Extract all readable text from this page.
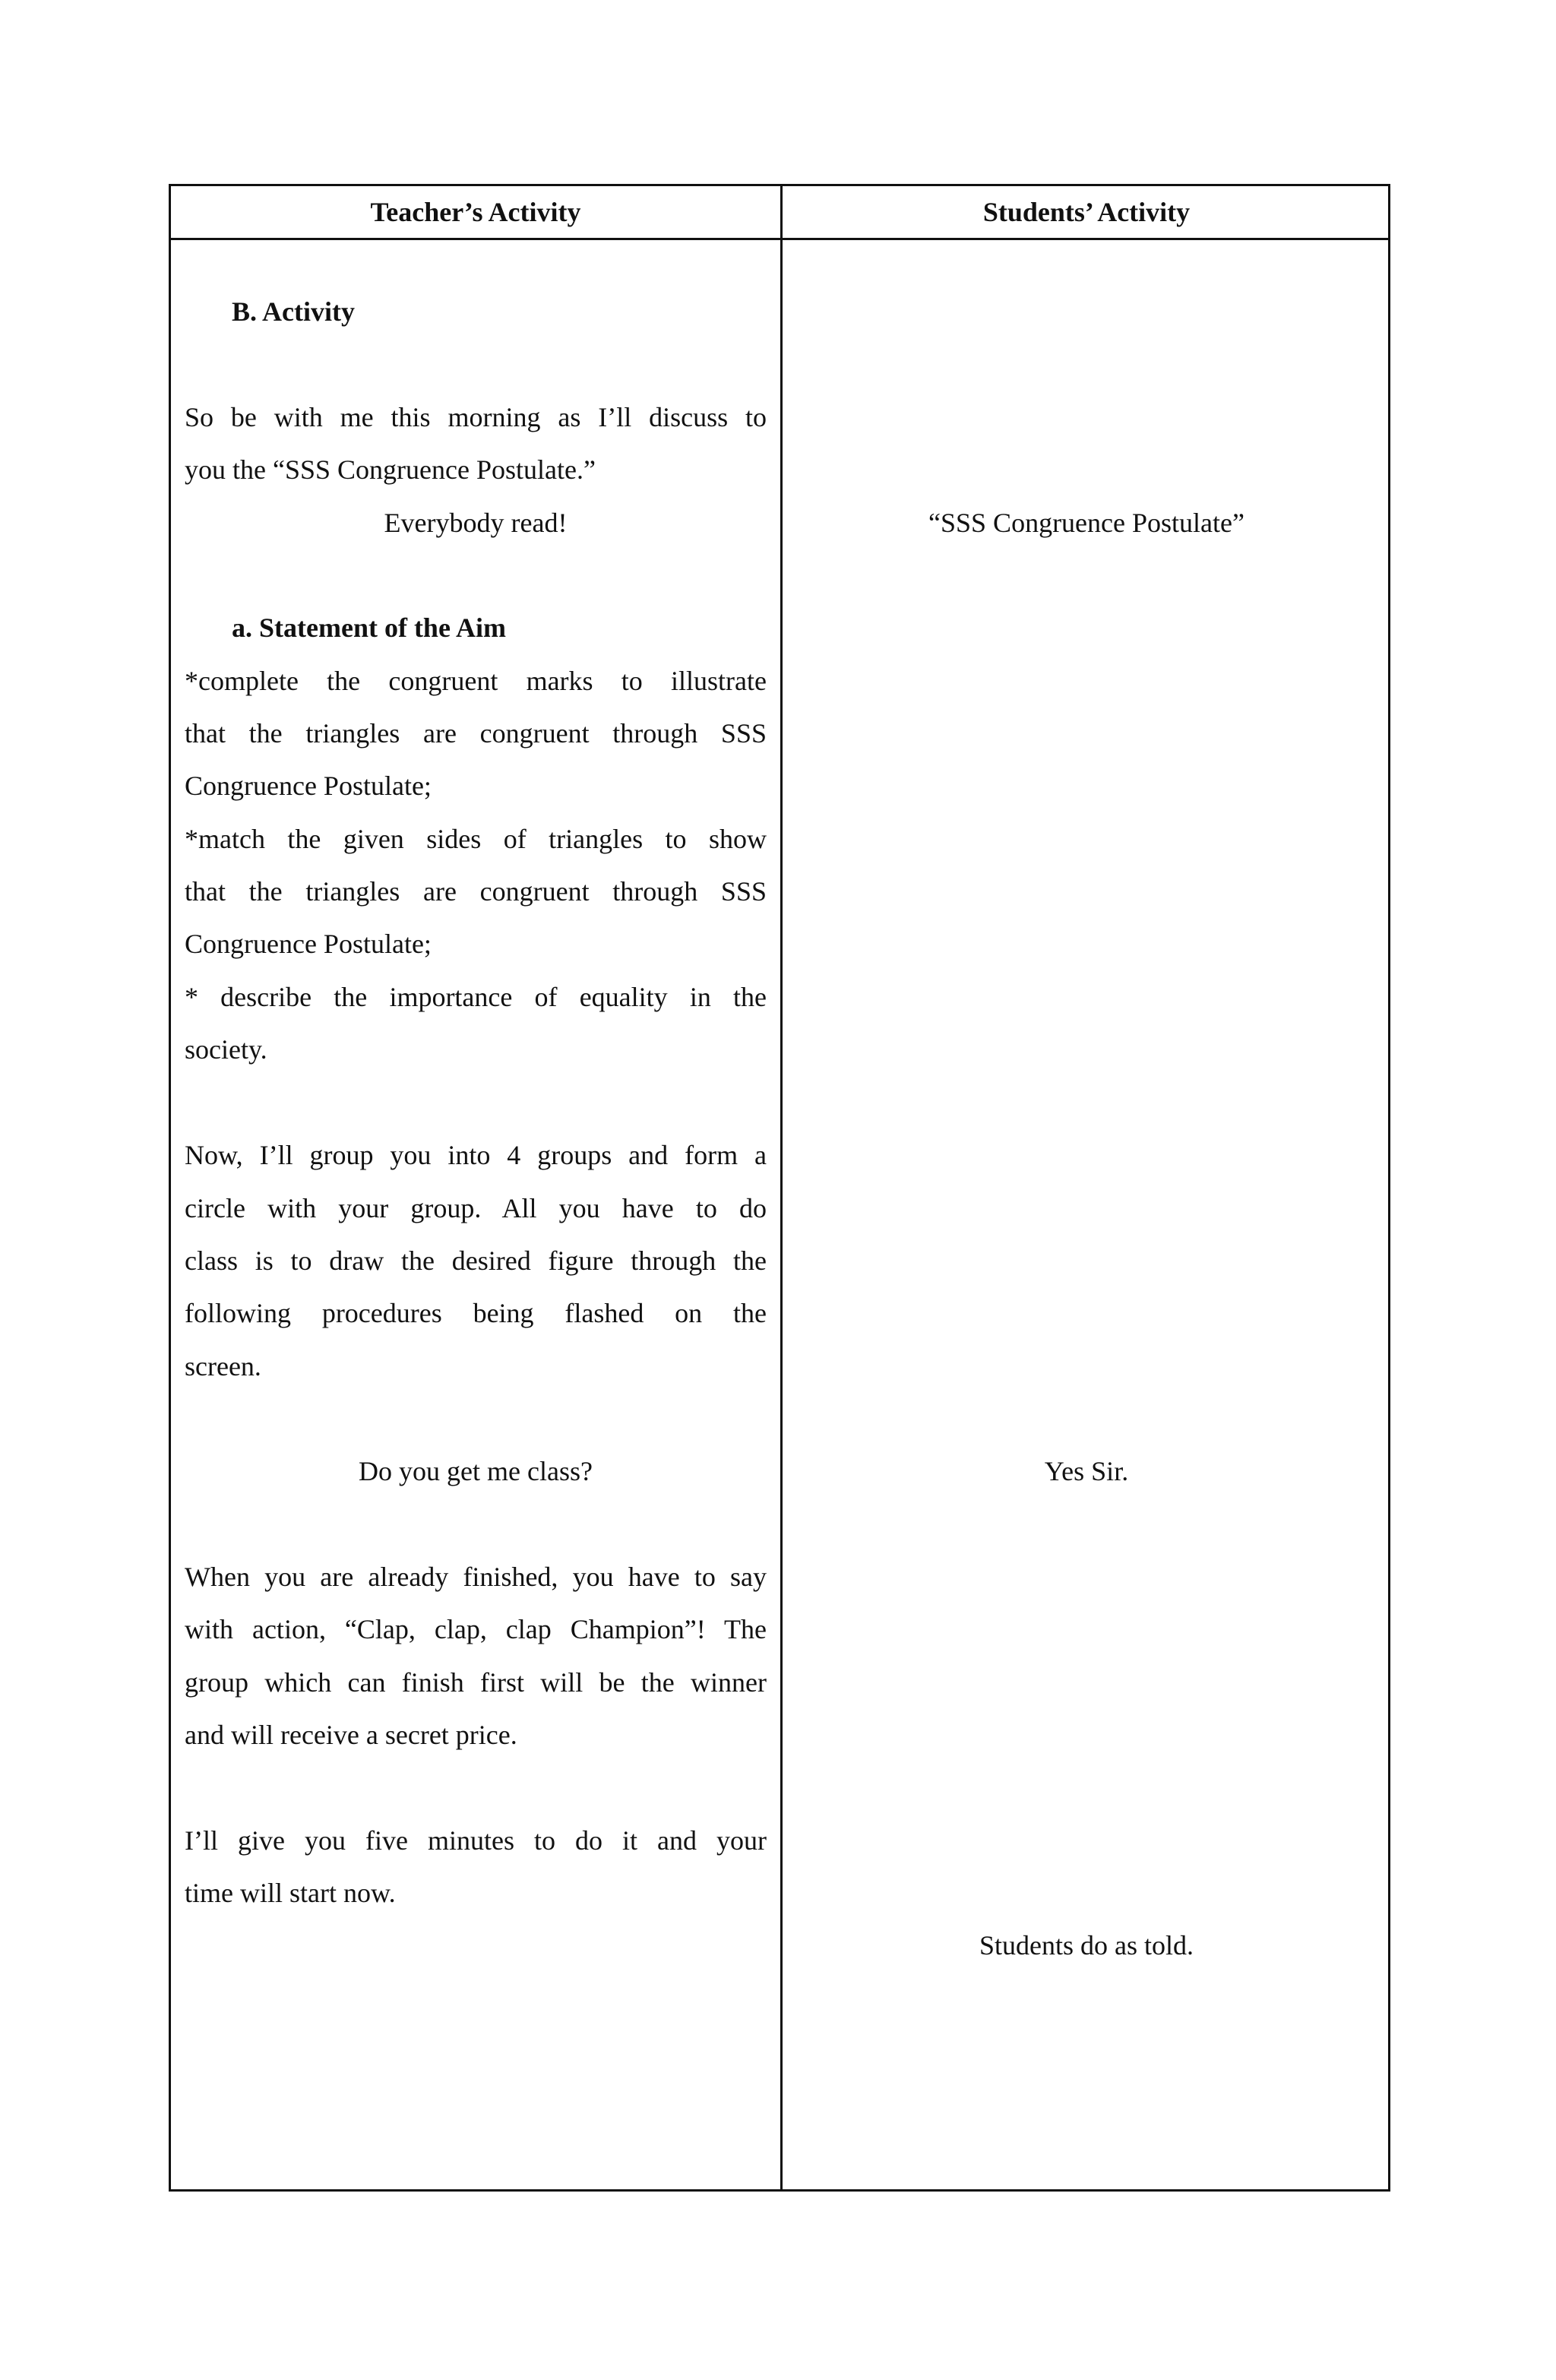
Teacher’s Activity	Students’ Activity
B. Activity
So be with me this morning as I’ll discuss to
you the “SSS Congruence Postulate.”
Everybody read!
a. Statement of the Aim
*complete the congruent marks to illustrate
that the triangles are congruent through SSS
Congruence Postulate;
*match the given sides of triangles to show
that the triangles are congruent through SSS
Congruence Postulate;
* describe the importance of equality in the
society.
Now, I’ll group you into 4 groups and form a
circle with your group. All you have to do
class is to draw the desired figure through the
following procedures being flashed on the
screen.
Do you get me class?
When you are already finished, you have to say
with action, “Clap, clap, clap Champion”! The
group which can finish first will be the winner
and will receive a secret price.
I’ll give you five minutes to do it and your
time will start now.
“SSS Congruence Postulate”
Yes Sir.
Students do as told.
